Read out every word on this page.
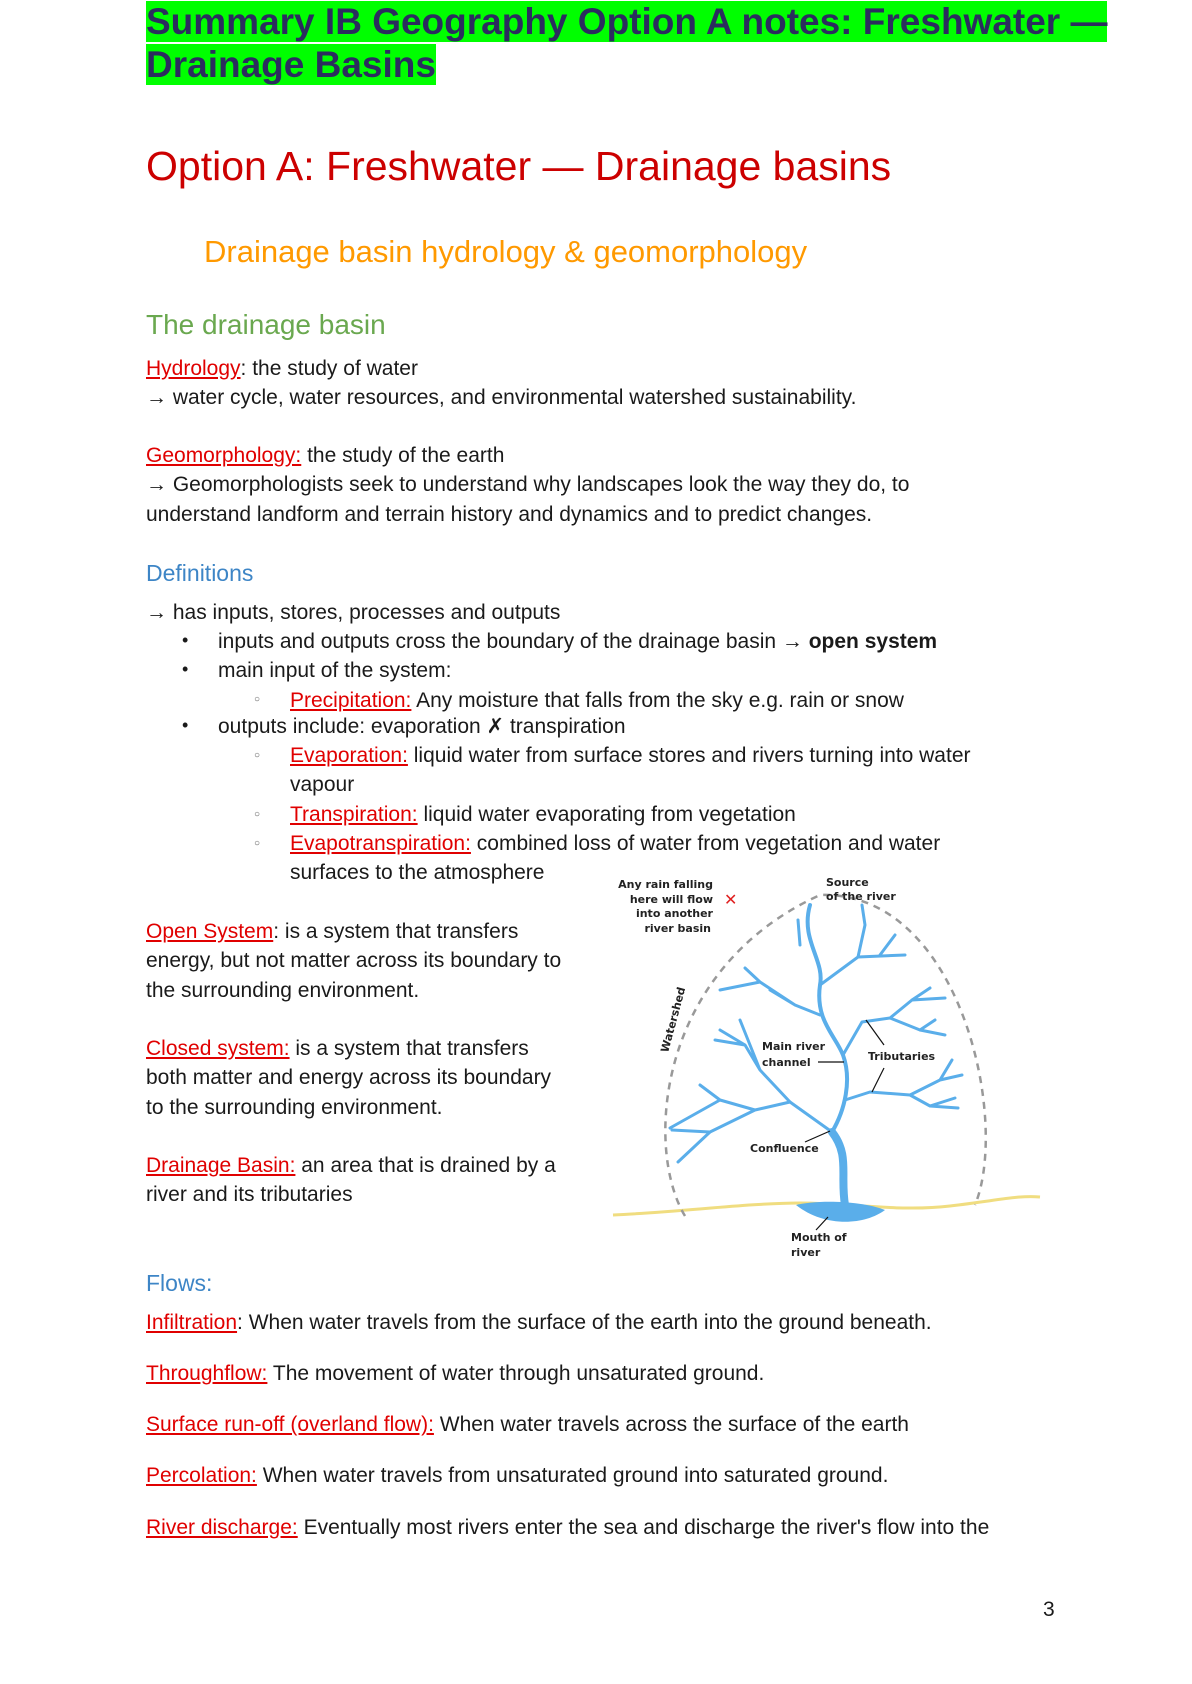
Summary IB Geography Option A notes: Freshwater —
Drainage Basins
Option A: Freshwater — Drainage basins
Drainage basin hydrology & geomorphology
The drainage basin
Hydrology: the study of water
→ water cycle, water resources, and environmental watershed sustainability.
Geomorphology: the study of the earth
→ Geomorphologists seek to understand why landscapes look the way they do, to
understand landform and terrain history and dynamics and to predict changes.
Definitions
→ has inputs, stores, processes and outputs
• inputs and outputs cross the boundary of the drainage basin → open system
• main input of the system:
○ Precipitation: Any moisture that falls from the sky e.g. rain or snow
• outputs include: evaporation ✗ transpiration
○ Evaporation: liquid water from surface stores and rivers turning into water
vapour
○ Transpiration: liquid water evaporating from vegetation
○ Evapotranspiration: combined loss of water from vegetation and water
surfaces to the atmosphere
Open System: is a system that transfers
energy, but not matter across its boundary to
the surrounding environment.
Closed system: is a system that transfers
both matter and energy across its boundary
to the surrounding environment.
Drainage Basin: an area that is drained by a
river and its tributaries
Any rain falling
here will flow
into another
river basin
✕
Source
of the river
Watershed	Main river
channel	Tributaries
Confluence
Mouth of
river
Flows:
Infiltration: When water travels from the surface of the earth into the ground beneath.
Throughflow: The movement of water through unsaturated ground.
Surface run-off (overland flow): When water travels across the surface of the earth
Percolation: When water travels from unsaturated ground into saturated ground.
River discharge: Eventually most rivers enter the sea and discharge the river's flow into the
3
